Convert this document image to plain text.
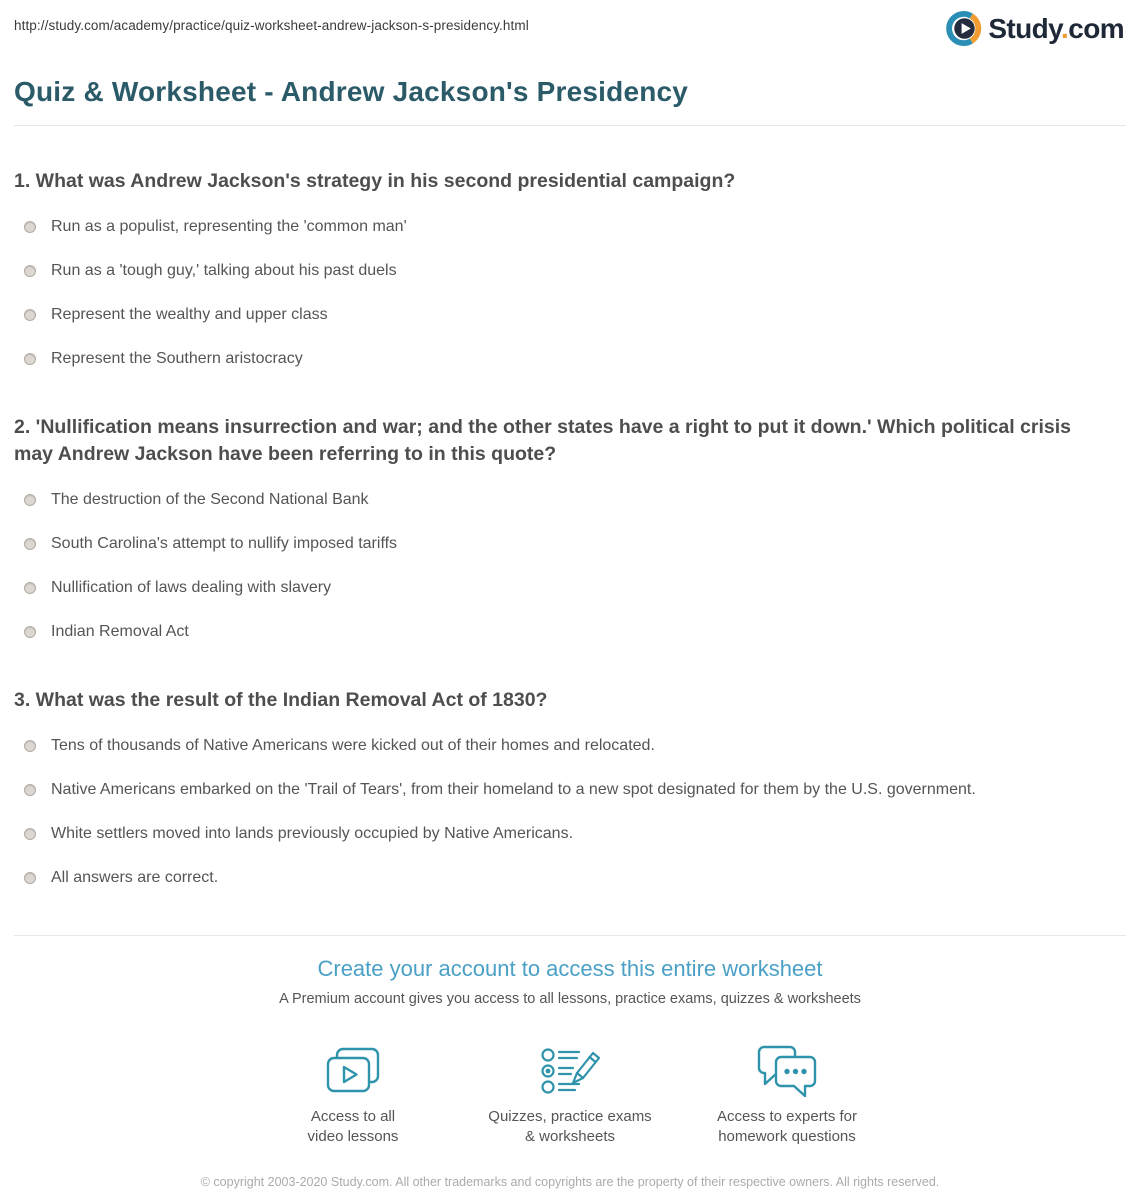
http://study.com/academy/practice/quiz-worksheet-andrew-jackson-s-presidency.html	Study.com
Quiz & Worksheet - Andrew Jackson's Presidency
1. What was Andrew Jackson's strategy in his second presidential campaign?
Run as a populist, representing the 'common man'
Run as a 'tough guy,' talking about his past duels
Represent the wealthy and upper class
Represent the Southern aristocracy
2. 'Nullification means insurrection and war; and the other states have a right to put it down.' Which political crisis may Andrew Jackson have been referring to in this quote?
The destruction of the Second National Bank
South Carolina's attempt to nullify imposed tariffs
Nullification of laws dealing with slavery
Indian Removal Act
3. What was the result of the Indian Removal Act of 1830?
Tens of thousands of Native Americans were kicked out of their homes and relocated.
Native Americans embarked on the 'Trail of Tears', from their homeland to a new spot designated for them by the U.S. government.
White settlers moved into lands previously occupied by Native Americans.
All answers are correct.
Create your account to access this entire worksheet
A Premium account gives you access to all lessons, practice exams, quizzes & worksheets
Access to all
video lessons
Quizzes, practice exams
& worksheets
Access to experts for
homework questions
© copyright 2003-2020 Study.com. All other trademarks and copyrights are the property of their respective owners. All rights reserved.
